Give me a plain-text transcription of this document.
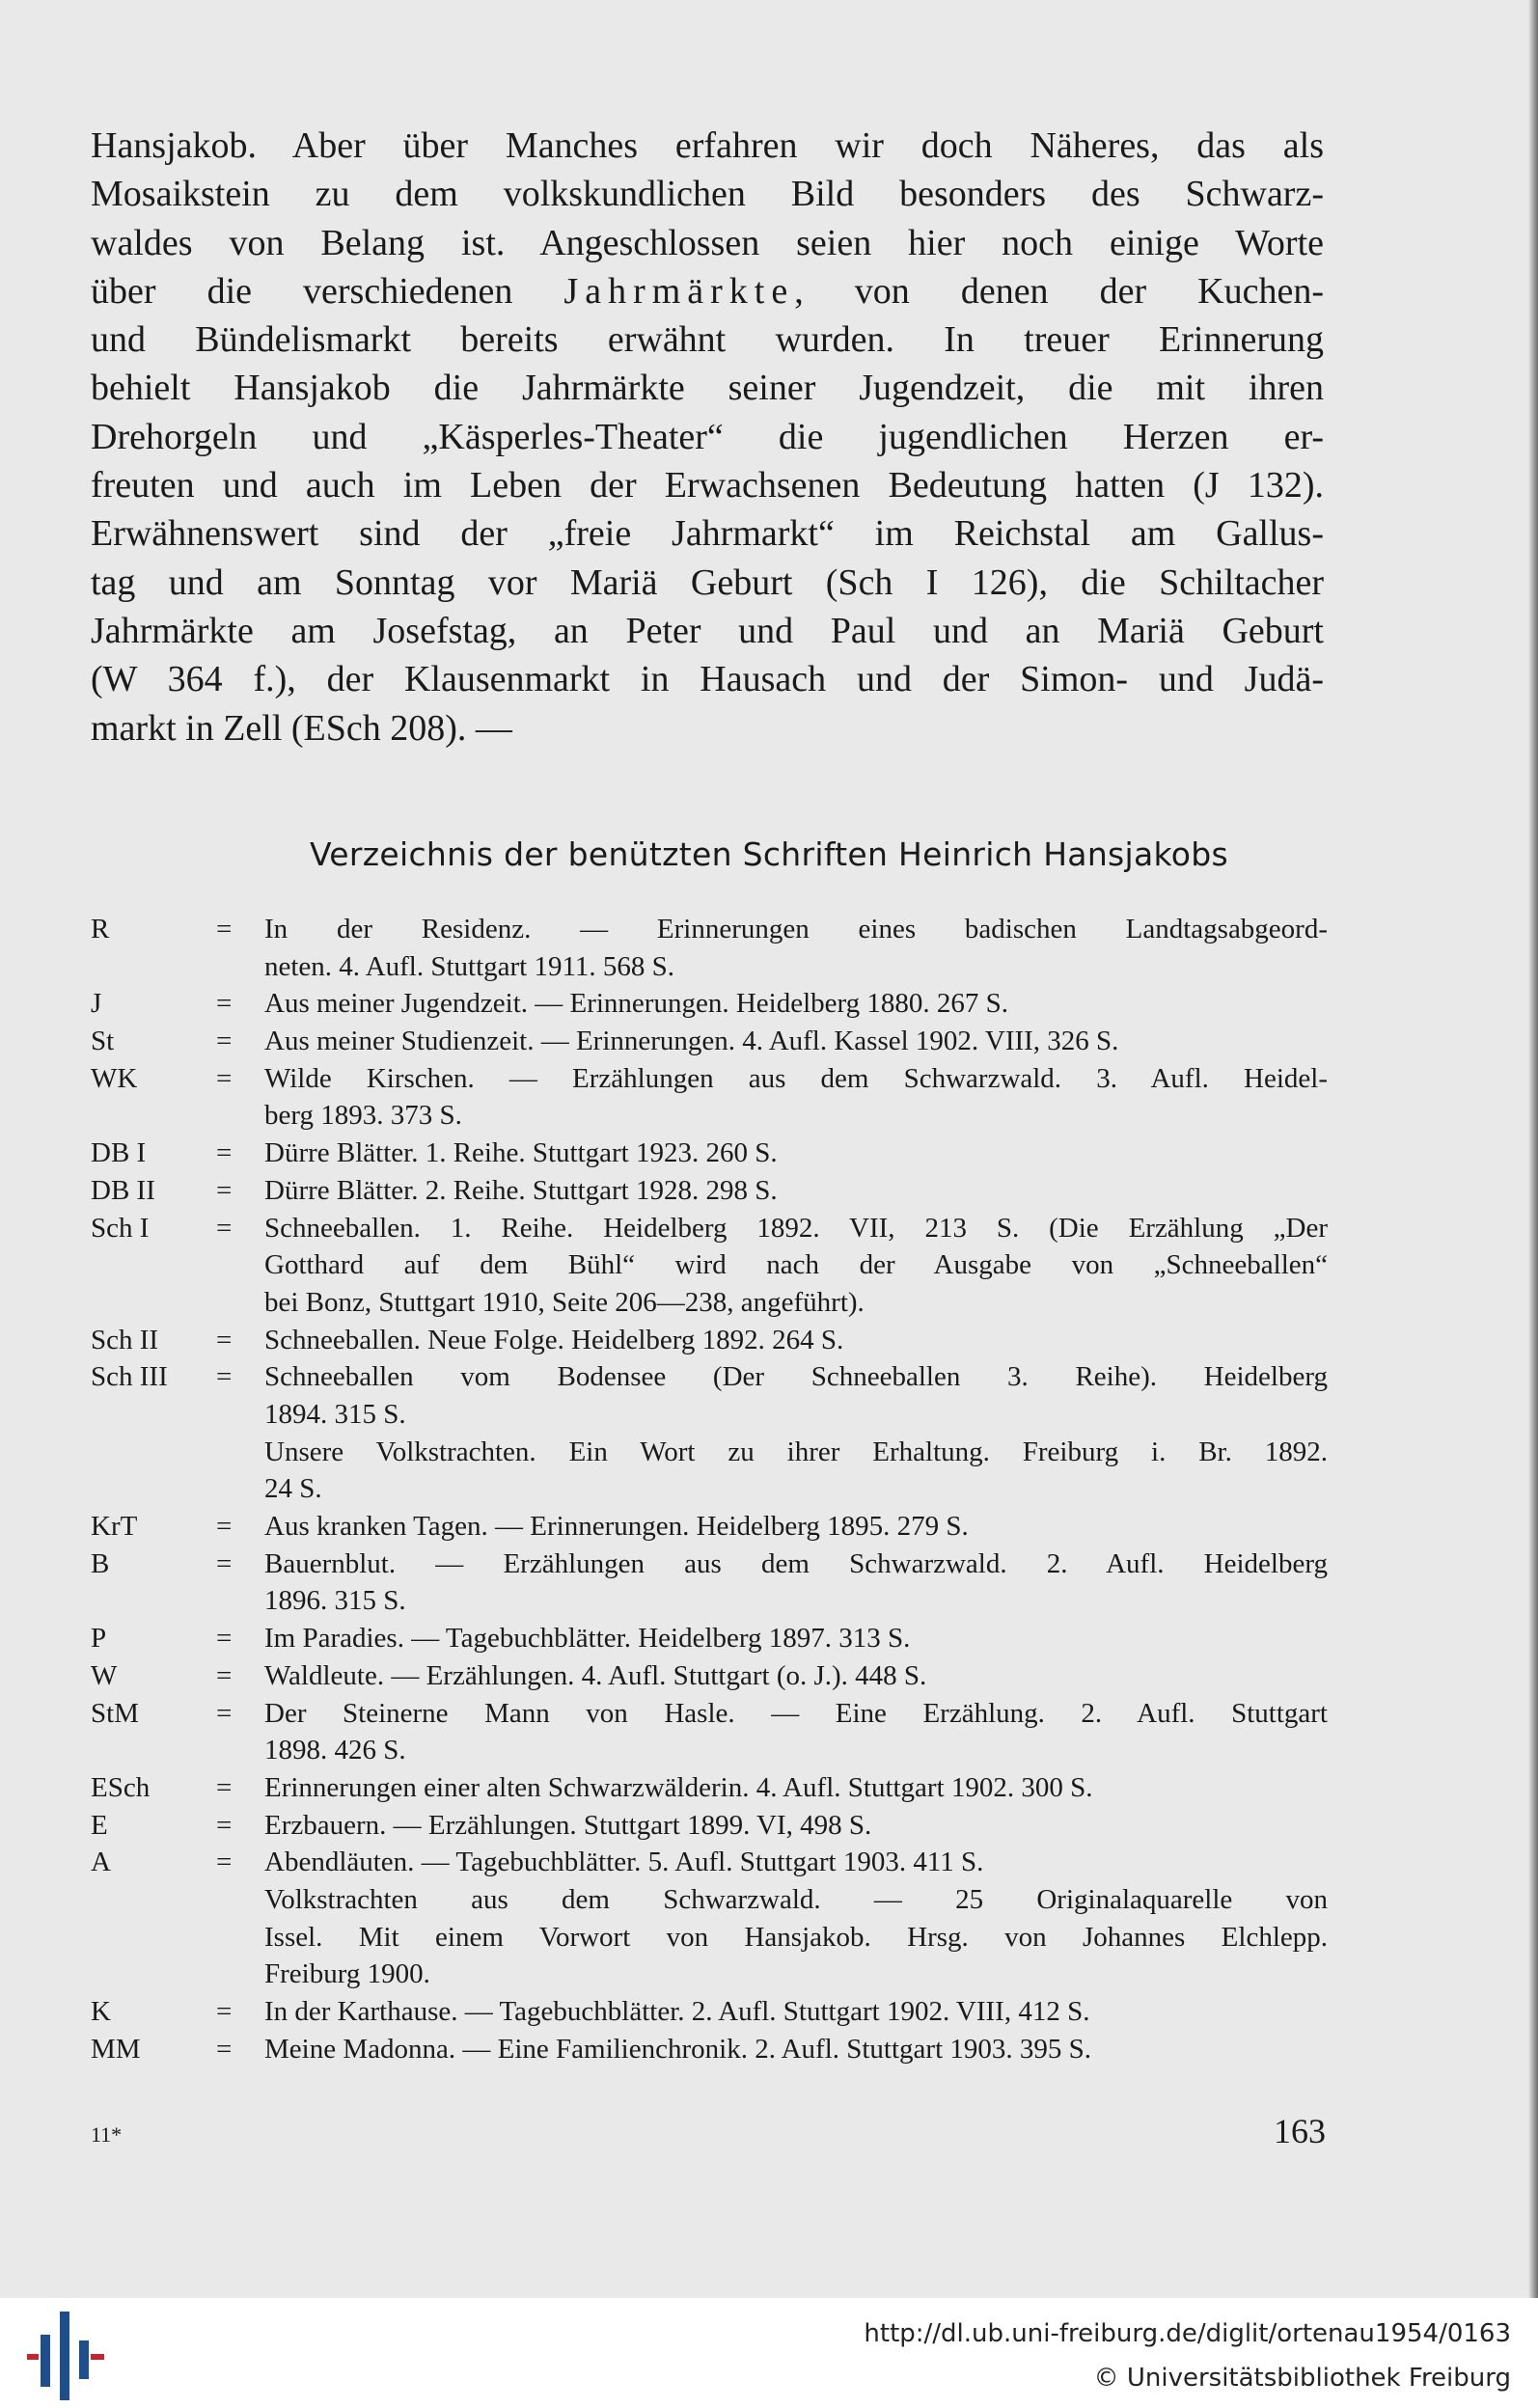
Hansjakob. Aber über Manches erfahren wir doch Näheres, das als
Mosaikstein zu dem volkskundlichen Bild besonders des Schwarz-
waldes von Belang ist. Angeschlossen seien hier noch einige Worte
über die verschiedenen Jahrmärkte, von denen der Kuchen-
und Bündelismarkt bereits erwähnt wurden. In treuer Erinnerung
behielt Hansjakob die Jahrmärkte seiner Jugendzeit, die mit ihren
Drehorgeln und „Käsperles-Theater“ die jugendlichen Herzen er-
freuten und auch im Leben der Erwachsenen Bedeutung hatten (J 132).
Erwähnenswert sind der „freie Jahrmarkt“ im Reichstal am Gallus-
tag und am Sonntag vor Mariä Geburt (Sch I 126), die Schiltacher
Jahrmärkte am Josefstag, an Peter und Paul und an Mariä Geburt
(W 364 f.), der Klausenmarkt in Hausach und der Simon- und Judä-
markt in Zell (ESch 208). —
Verzeichnis der benützten Schriften Heinrich Hansjakobs
R	=	In der Residenz. — Erinnerungen eines badischen Landtagsabgeord-
neten. 4. Aufl. Stuttgart 1911. 568 S.
J	=	Aus meiner Jugendzeit. — Erinnerungen. Heidelberg 1880. 267 S.
St	=	Aus meiner Studienzeit. — Erinnerungen. 4. Aufl. Kassel 1902. VIII, 326 S.
WK	=	Wilde Kirschen. — Erzählungen aus dem Schwarzwald. 3. Aufl. Heidel-
berg 1893. 373 S.
DB I	=	Dürre Blätter. 1. Reihe. Stuttgart 1923. 260 S.
DB II	=	Dürre Blätter. 2. Reihe. Stuttgart 1928. 298 S.
Sch I	=	Schneeballen. 1. Reihe. Heidelberg 1892. VII, 213 S. (Die Erzählung „Der
Gotthard auf dem Bühl“ wird nach der Ausgabe von „Schneeballen“
bei Bonz, Stuttgart 1910, Seite 206—238, angeführt).
Sch II	=	Schneeballen. Neue Folge. Heidelberg 1892. 264 S.
Sch III	=	Schneeballen vom Bodensee (Der Schneeballen 3. Reihe). Heidelberg
1894. 315 S.
Unsere Volkstrachten. Ein Wort zu ihrer Erhaltung. Freiburg i. Br. 1892.
24 S.
KrT	=	Aus kranken Tagen. — Erinnerungen. Heidelberg 1895. 279 S.
B	=	Bauernblut. — Erzählungen aus dem Schwarzwald. 2. Aufl. Heidelberg
1896. 315 S.
P	=	Im Paradies. — Tagebuchblätter. Heidelberg 1897. 313 S.
W	=	Waldleute. — Erzählungen. 4. Aufl. Stuttgart (o. J.). 448 S.
StM	=	Der Steinerne Mann von Hasle. — Eine Erzählung. 2. Aufl. Stuttgart
1898. 426 S.
ESch	=	Erinnerungen einer alten Schwarzwälderin. 4. Aufl. Stuttgart 1902. 300 S.
E	=	Erzbauern. — Erzählungen. Stuttgart 1899. VI, 498 S.
A	=	Abendläuten. — Tagebuchblätter. 5. Aufl. Stuttgart 1903. 411 S.
Volkstrachten aus dem Schwarzwald. — 25 Originalaquarelle von
Issel. Mit einem Vorwort von Hansjakob. Hrsg. von Johannes Elchlepp.
Freiburg 1900.
K	=	In der Karthause. — Tagebuchblätter. 2. Aufl. Stuttgart 1902. VIII, 412 S.
MM	=	Meine Madonna. — Eine Familienchronik. 2. Aufl. Stuttgart 1903. 395 S.
11*	163
http://dl.ub.uni-freiburg.de/diglit/ortenau1954/0163
© Universitätsbibliothek Freiburg
